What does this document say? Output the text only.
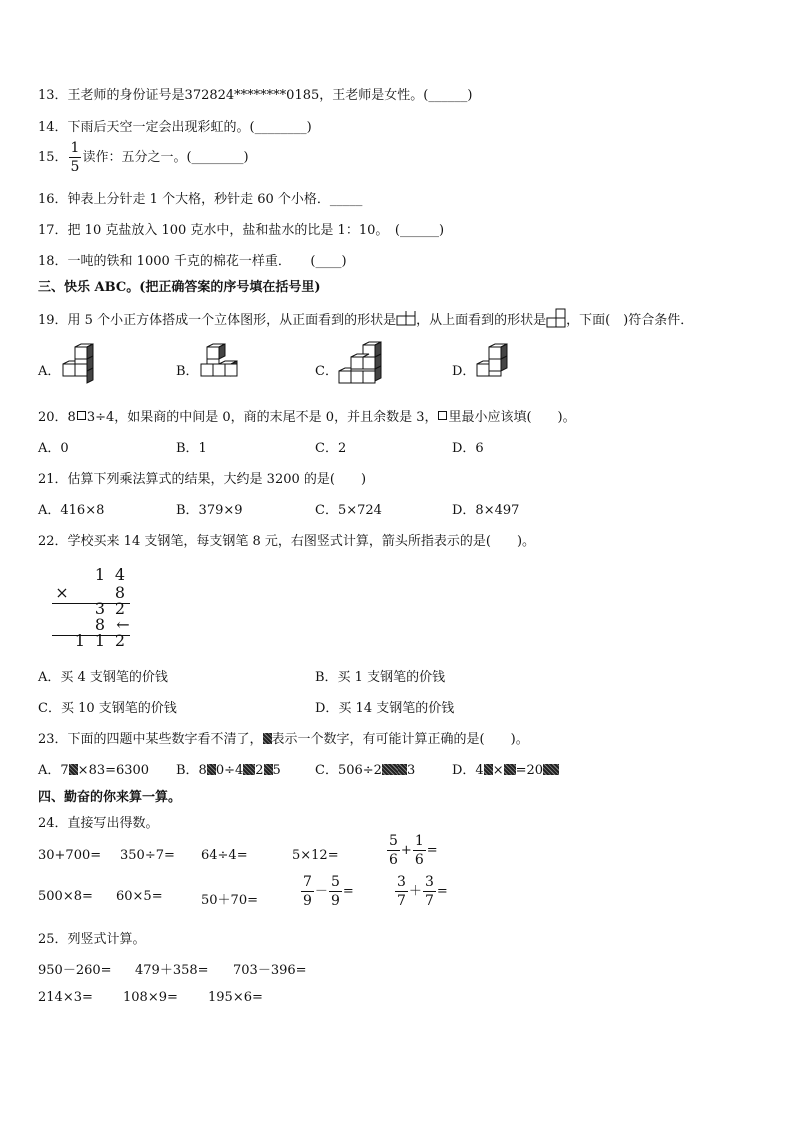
13．王老师的身份证号是372824********0185，王老师是女性。(______)
14．下雨后天空一定会出现彩虹的。(________)
15． $\frac{1}{5}$ 读作：五分之一。(________)
16．钟表上分针走 1 个大格，秒针走 60 个小格．_____
17．把 10 克盐放入 100 克水中，盐和盐水的比是 1：10。　(______)
18．一吨的铁和 1000 千克的棉花一样重．　　(____)
三、快乐 ABC。(把正确答案的序号填在括号里)
19．用 5 个小正方体搭成一个立体图形，从正面看到的形状是 ，从上面看到的形状是 ，下面(　)符合条件．
A．	B．	C．	D．
20．8 3÷4，如果商的中间是 0，商的末尾不是 0，并且余数是 3， 里最小应该填(　　)。
A．0	B．1	C．2	D．6
21．估算下列乘法算式的结果，大约是 3200 的是(　　)
A．416×8	B．379×9	C．5×724	D．8×497
22．学校买来 14 支钢笔，每支钢笔 8 元，右图竖式计算，箭头所指表示的是(　　)。
1 4
×	8
3 2
8 ←
1 1 2
A．买 4 支钢笔的价钱	B．买 1 支钢笔的价钱
C．买 10 支钢笔的价钱	D．买 14 支钢笔的价钱
23．下面的四题中某些数字看不清了， 表示一个数字，有可能计算正确的是(　　)。
A．7 ×83=6300 B．8 0÷4 2 5	C．506÷2 3	D．4 × =20
四、勤奋的你来算一算。
24．直接写出得数。
30+700= 350÷7= 64÷4=	5×12=	$\frac{5}{6} + \frac{1}{6}$ =
500×8= 60×5=	50＋70=	$\frac{7}{9} - \frac{5}{9}$ =	$\frac{3}{7} + \frac{3}{7}$ =
25．列竖式计算。
950－260= 479＋358= 703－396=
214×3= 108×9= 195×6=
